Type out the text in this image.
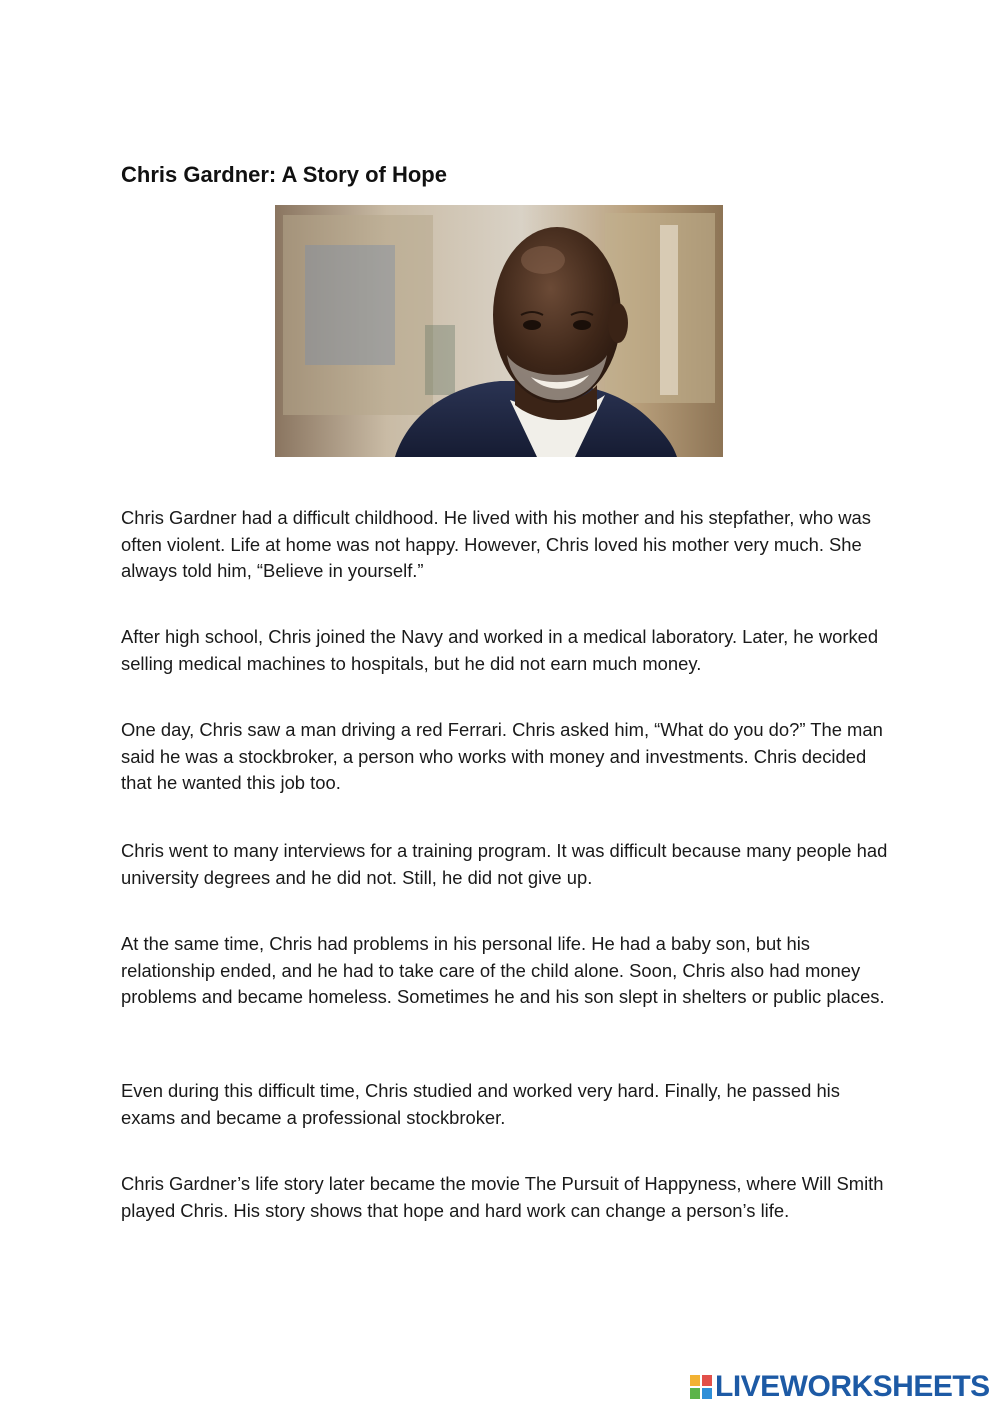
Chris Gardner: A Story of Hope

Chris Gardner had a difficult childhood. He lived with his mother and his stepfather, who was often violent. Life at home was not happy. However, Chris loved his mother very much. She always told him, “Believe in yourself.”

After high school, Chris joined the Navy and worked in a medical laboratory. Later, he worked selling medical machines to hospitals, but he did not earn much money.

One day, Chris saw a man driving a red Ferrari. Chris asked him, “What do you do?” The man said he was a stockbroker, a person who works with money and investments. Chris decided that he wanted this job too.

Chris went to many interviews for a training program. It was difficult because many people had university degrees and he did not. Still, he did not give up.

At the same time, Chris had problems in his personal life. He had a baby son, but his relationship ended, and he had to take care of the child alone. Soon, Chris also had money problems and became homeless. Sometimes he and his son slept in shelters or public places.

Even during this difficult time, Chris studied and worked very hard. Finally, he passed his exams and became a professional stockbroker.

Chris Gardner’s life story later became the movie The Pursuit of Happyness, where Will Smith played Chris. His story shows that hope and hard work can change a person’s life.

LIVEWORKSHEETS
